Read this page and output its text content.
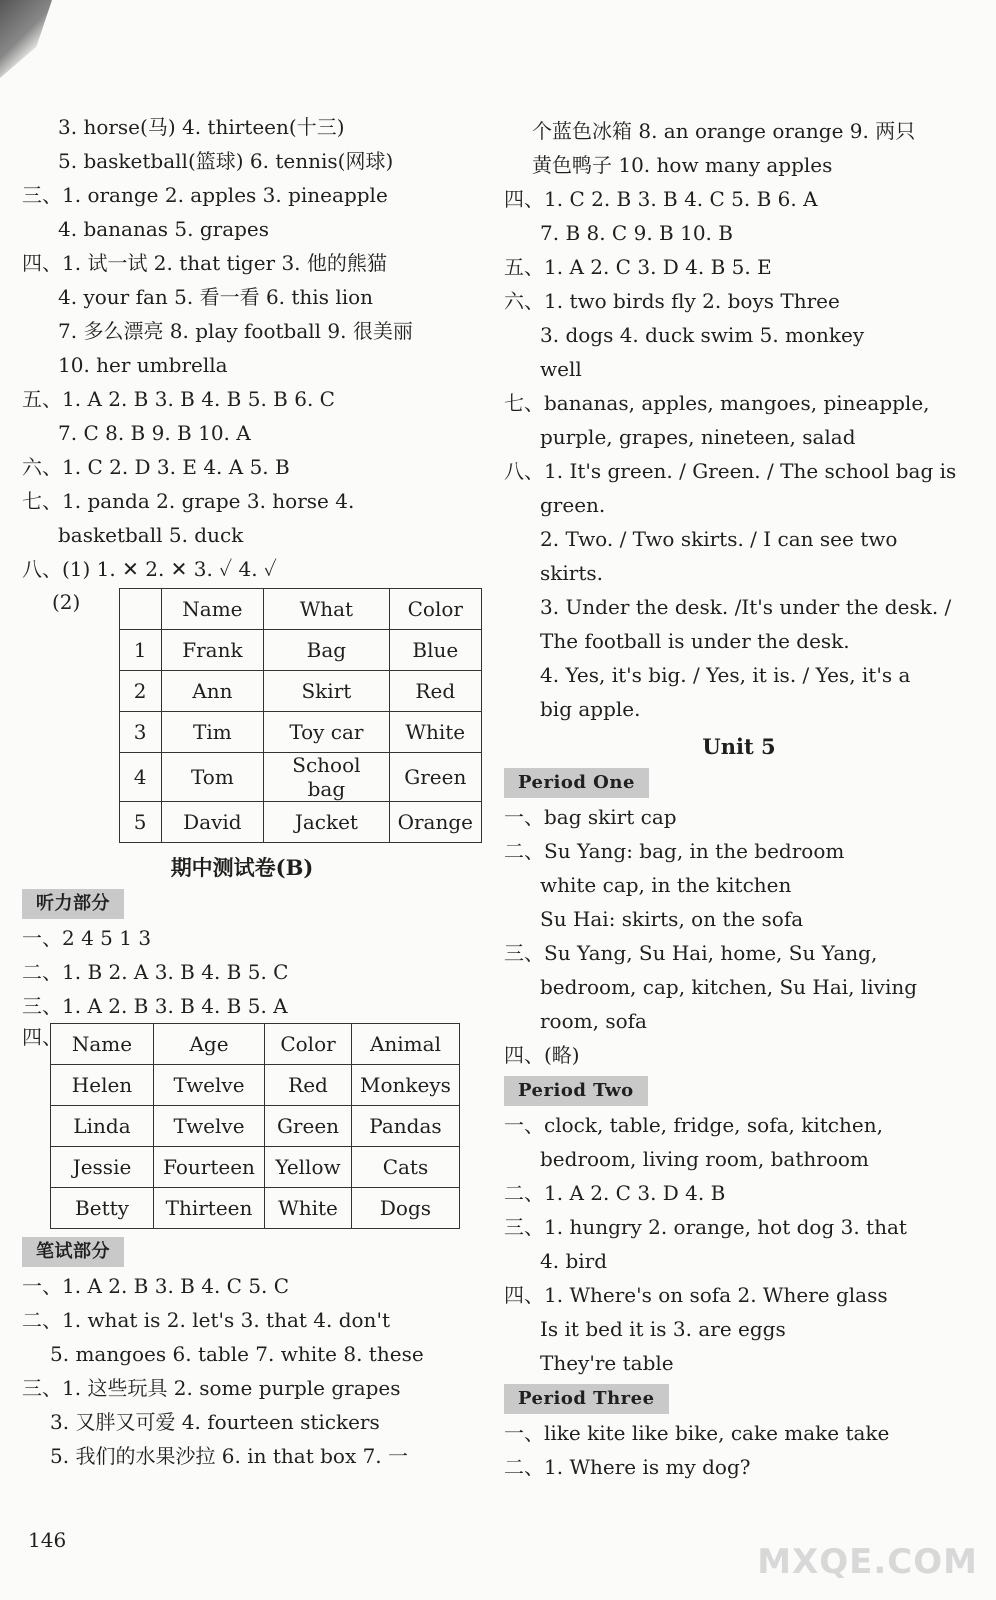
3. horse(马) 4. thirteen(十三)
5. basketball(篮球) 6. tennis(网球)
三、1. orange 2. apples 3. pineapple
4. bananas 5. grapes
四、1. 试一试 2. that tiger 3. 他的熊猫
4. your fan 5. 看一看 6. this lion
7. 多么漂亮 8. play football 9. 很美丽
10. her umbrella
五、1. A 2. B 3. B 4. B 5. B 6. C
7. C 8. B 9. B 10. A
六、1. C 2. D 3. E 4. A 5. B
七、1. panda 2. grape 3. horse 4.
basketball 5. duck
八、(1) 1. ✕ 2. ✕ 3. ✓ 4. ✓
(2)
		Name	What	Color
1	Frank	Bag	Blue
2	Ann	Skirt	Red
3	Tim	Toy car	White
4	Tom	School bag	Green
5	David	Jacket	Orange
期中测试卷(B)
听力部分
一、2 4 5 1 3
二、1. B 2. A 3. B 4. B 5. C
三、1. A 2. B 3. B 4. B 5. A
四、 Name	Age	Color	Animal
Helen	Twelve	Red	Monkeys
Linda	Twelve	Green	Pandas
Jessie	Fourteen	Yellow	Cats
Betty	Thirteen	White	Dogs
笔试部分
一、1. A 2. B 3. B 4. C 5. C
二、1. what is 2. let's 3. that 4. don't
5. mangoes 6. table 7. white 8. these
三、1. 这些玩具 2. some purple grapes
3. 又胖又可爱 4. fourteen stickers
5. 我们的水果沙拉 6. in that box 7. 一
个蓝色冰箱 8. an orange orange 9. 两只
黄色鸭子 10. how many apples
四、1. C 2. B 3. B 4. C 5. B 6. A
7. B 8. C 9. B 10. B
五、1. A 2. C 3. D 4. B 5. E
六、1. two birds fly 2. boys Three
3. dogs 4. duck swim 5. monkey
well
七、bananas, apples, mangoes, pineapple,
purple, grapes, nineteen, salad
八、1. It's green. / Green. / The school bag is
green.
2. Two. / Two skirts. / I can see two
skirts.
3. Under the desk. /It's under the desk. /
The football is under the desk.
4. Yes, it's big. / Yes, it is. / Yes, it's a
big apple.
Unit 5
Period One
一、bag skirt cap
二、Su Yang: bag, in the bedroom
white cap, in the kitchen
Su Hai: skirts, on the sofa
三、Su Yang, Su Hai, home, Su Yang,
bedroom, cap, kitchen, Su Hai, living
room, sofa
四、(略)
Period Two
一、clock, table, fridge, sofa, kitchen,
bedroom, living room, bathroom
二、1. A 2. C 3. D 4. B
三、1. hungry 2. orange, hot dog 3. that
4. bird
四、1. Where's on sofa 2. Where glass
Is it bed it is 3. are eggs
They're table
Period Three
一、like kite like bike, cake make take
二、1. Where is my dog?
146
MXQE.COM
